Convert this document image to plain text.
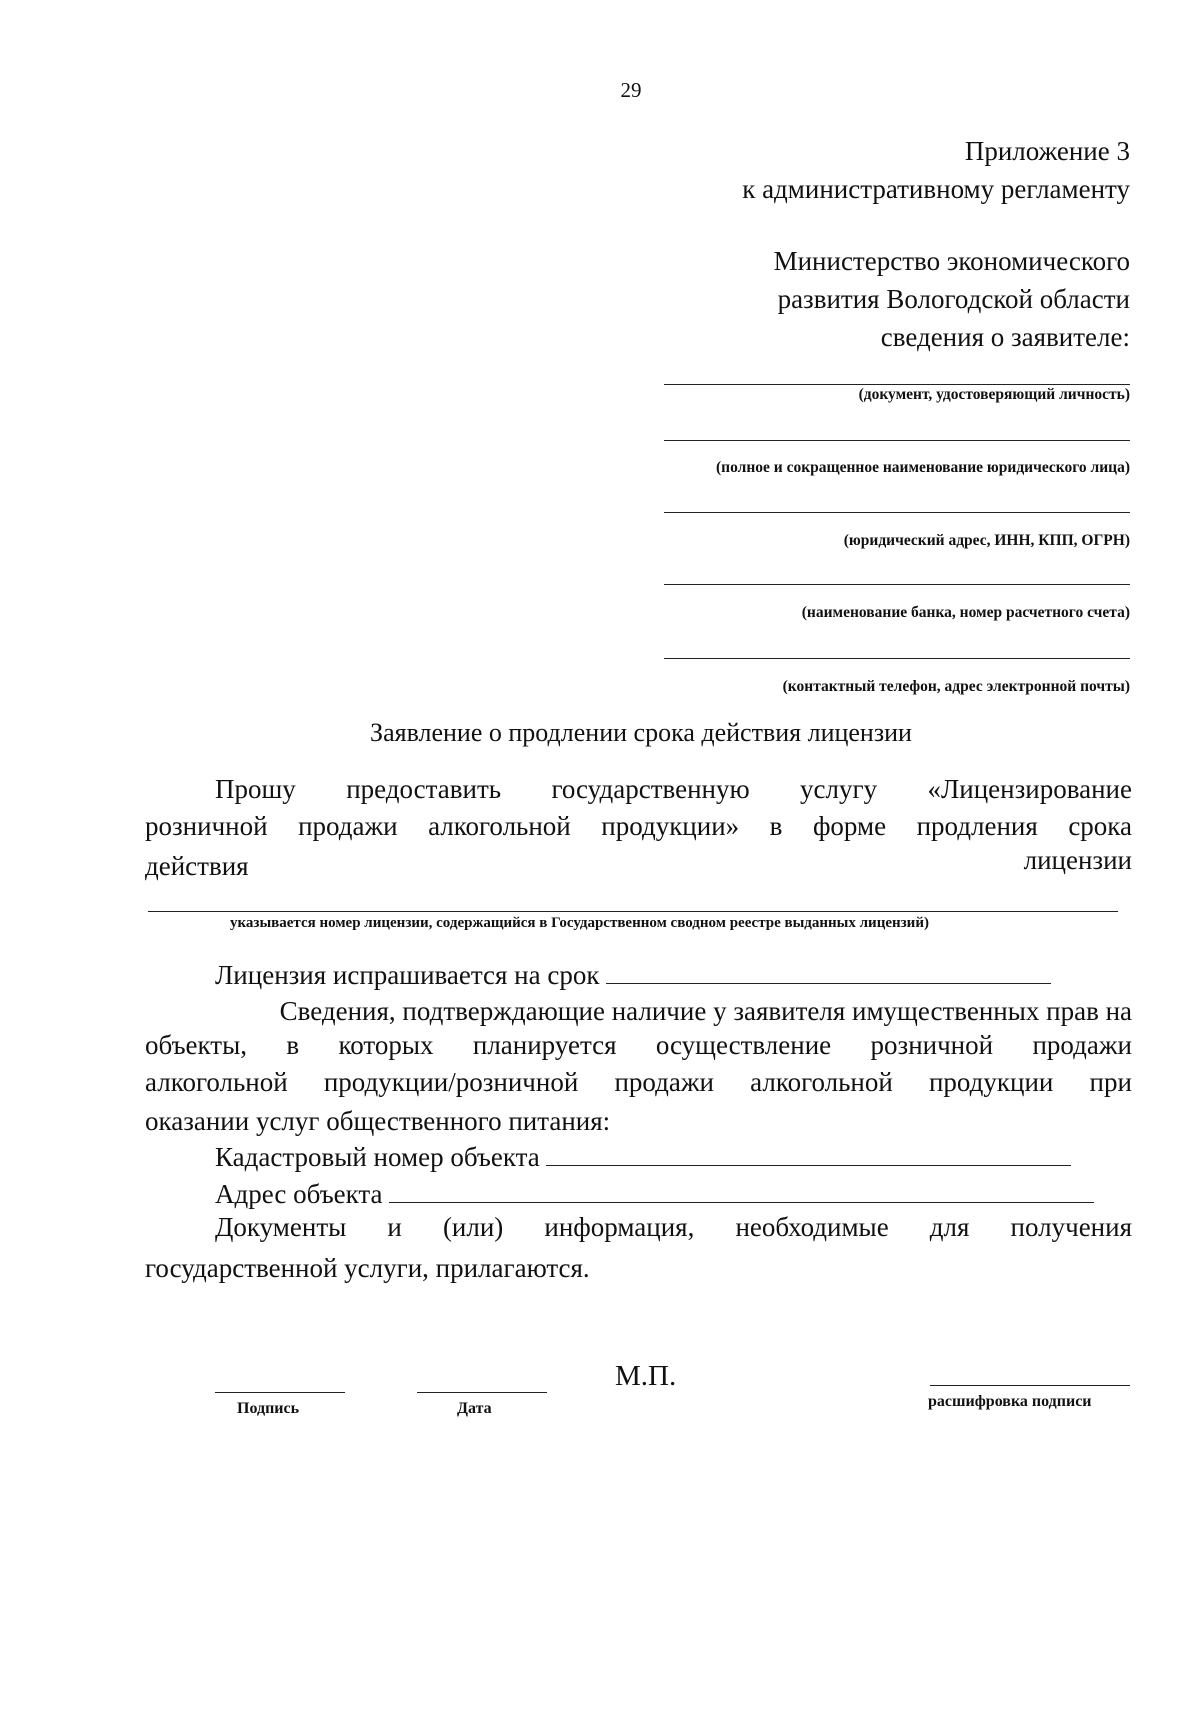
29
Приложение 3
к административному регламенту
Министерство экономического
развития Вологодской области
сведения о заявителе:
(документ, удостоверяющий личность)
(полное и сокращенное наименование юридического лица)
(юридический адрес, ИНН, КПП, ОГРН)
(наименование банка, номер расчетного счета)
(контактный телефон, адрес электронной почты)
Заявление о продлении срока действия лицензии
Прошу предоставить государственную услугу «Лицензирование
розничной продажи алкогольной продукции» в форме продления срока
действия	лицензии
указывается номер лицензии, содержащийся в Государственном сводном реестре выданных лицензий)
Лицензия испрашивается на срок
Сведения, подтверждающие наличие у заявителя имущественных прав на
объекты, в которых планируется осуществление розничной продажи
алкогольной продукции/розничной продажи алкогольной продукции при
оказании услуг общественного питания:
Кадастровый номер объекта
Адрес объекта
Документы и (или) информация, необходимые для получения
государственной услуги, прилагаются.
М.П.
Подпись	Дата	расшифровка подписи
